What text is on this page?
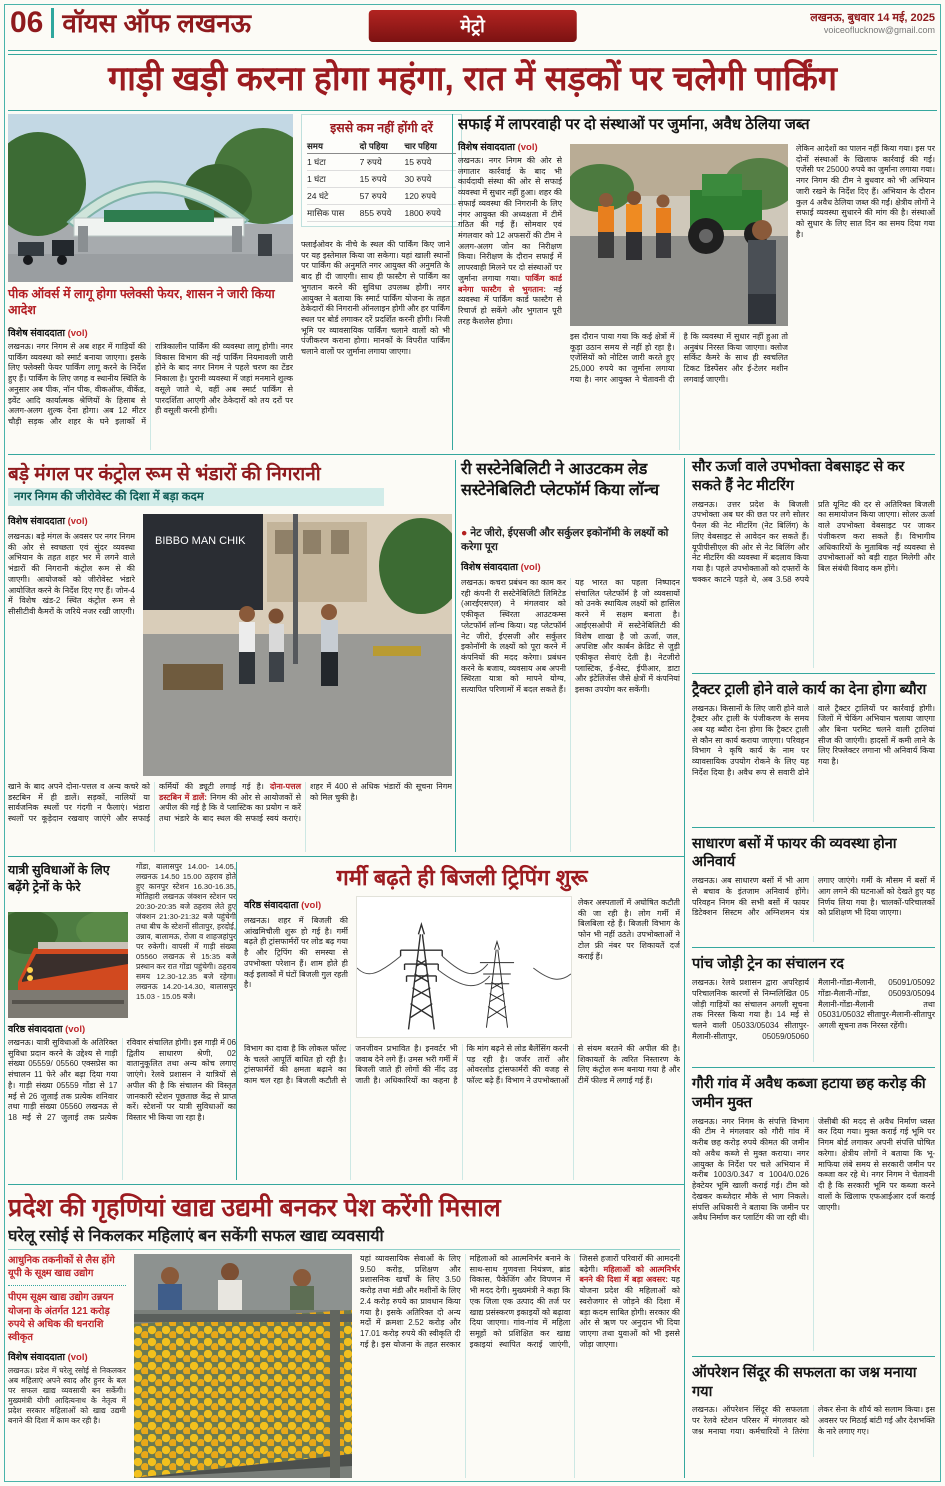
06 वॉयस ऑफ लखनऊ	मेट्रो	लखनऊ, बुधवार 14 मई, 2025
voiceoflucknow@gmail.com
गाड़ी खड़ी करना होगा महंगा, रात में सड़कों पर चलेगी पार्किंग
पीक ऑवर्स में लागू होगा फ्लेक्सी फेयर, शासन ने जारी किया आदेश
इससे कम नहीं होंगी दरें
समय	दो पहिया	चार पहिया
1 घंटा	7 रुपये	15 रुपये
1 घंटा	15 रुपये	30 रुपये
24 घंटे	57 रुपये	120 रुपये
मासिक पास	855 रुपये	1800 रुपये
फ्लाईओवर के नीचे के स्थल की पार्किंग किए जाने पर यह इस्तेमाल किया जा सकेगा। यहां खाली स्थानों पर पार्किंग की अनुमति नगर आयुक्त की अनुमति के बाद ही दी जाएगी। साथ ही फास्टैग से पार्किंग का भुगतान करने की सुविधा उपलब्ध होगी। नगर आयुक्त ने बताया कि स्मार्ट पार्किंग योजना के तहत ठेकेदारों की निगरानी ऑनलाइन होगी और हर पार्किंग स्थल पर बोर्ड लगाकर दरें प्रदर्शित करनी होंगी। निजी भूमि पर व्यावसायिक पार्किंग चलाने वालों को भी पंजीकरण कराना होगा। मानकों के विपरीत पार्किंग चलाने वालों पर जुर्माना लगाया जाएगा।
विशेष संवाददाता (vol)
लखनऊ। नगर निगम से अब शहर में गाड़ियों की पार्किंग व्यवस्था को स्मार्ट बनाया जाएगा। इसके लिए फ्लेक्सी फेयर पार्किंग लागू करने के निर्देश हुए हैं। पार्किंग के लिए जगह व स्थानीय स्थिति के अनुसार अब पीक, नॉन पीक, वीकऑफ, वीकेंड, इवेंट आदि कार्यात्मक श्रेणियों के हिसाब से अलग-अलग शुल्क देना होगा। अब 12 मीटर चौड़ी सड़क और शहर के घने इलाकों में रात्रिकालीन पार्किंग की व्यवस्था लागू होगी। नगर विकास विभाग की नई पार्किंग नियमावली जारी होने के बाद नगर निगम ने पहले चरण का टेंडर निकाला है। पुरानी व्यवस्था में जहां मनमाने शुल्क वसूले जाते थे, वहीं अब स्मार्ट पार्किंग से पारदर्शिता आएगी और ठेकेदारों को तय दरों पर ही वसूली करनी होगी।
सफाई में लापरवाही पर दो संस्थाओं पर जुर्माना, अवैध ठेलिया जब्त
विशेष संवाददाता (vol)
लखनऊ। नगर निगम की ओर से लगातार कार्रवाई के बाद भी कार्यदायी संस्था की ओर से सफाई व्यवस्था में सुधार नहीं हुआ। शहर की सफाई व्यवस्था की निगरानी के लिए नगर आयुक्त की अध्यक्षता में टीमें गठित की गई हैं। सोमवार एवं मंगलवार को 12 अफसरों की टीम ने अलग-अलग जोन का निरीक्षण किया। निरीक्षण के दौरान सफाई में लापरवाही मिलने पर दो संस्थाओं पर जुर्माना लगाया गया। पार्किंग कार्ड बनेगा फास्टैग से भुगतान: नई व्यवस्था में पार्किंग कार्ड फास्टैग से रिचार्ज हो सकेंगे और भुगतान पूरी तरह कैशलेस होगा।
इस दौरान पाया गया कि कई क्षेत्रों में कूड़ा उठान समय से नहीं हो रहा है। एजेंसियों को नोटिस जारी करते हुए 25,000 रुपये का जुर्माना लगाया गया है। नगर आयुक्त ने चेतावनी दी है कि व्यवस्था में सुधार नहीं हुआ तो अनुबंध निरस्त किया जाएगा। क्लोज सर्किट कैमरे के साथ ही स्वचलित टिकट डिस्पेंसर और ई-टेलर मशीन लगवाई जाएगी।
लेकिन आदेशों का पालन नहीं किया गया। इस पर दोनों संस्थाओं के खिलाफ कार्रवाई की गई। एजेंसी पर 25000 रुपये का जुर्माना लगाया गया। नगर निगम की टीम ने बुधवार को भी अभियान जारी रखने के निर्देश दिए हैं। अभियान के दौरान कुल 4 अवैध ठेलिया जब्त की गईं। क्षेत्रीय लोगों ने सफाई व्यवस्था सुधारने की मांग की है। संस्थाओं को सुधार के लिए सात दिन का समय दिया गया है।
बड़े मंगल पर कंट्रोल रूम से भंडारों की निगरानी
नगर निगम की जीरोवेस्ट की दिशा में बड़ा कदम
विशेष संवाददाता (vol)
लखनऊ। बड़े मंगल के अवसर पर नगर निगम की ओर से स्वच्छता एवं सुंदर व्यवस्था अभियान के तहत शहर भर में लगने वाले भंडारों की निगरानी कंट्रोल रूम से की जाएगी। आयोजकों को जीरोवेस्ट भंडारे आयोजित करने के निर्देश दिए गए हैं। जोन-4 में विशेष खंड-2 स्थित कंट्रोल रूम से सीसीटीवी कैमरों के जरिये नजर रखी जाएगी।
BIBBO MAN CHIK
खाने के बाद अपने दोना-पत्तल व अन्य कचरे को डस्टबिन में ही डालें। सड़कों, नालियों या सार्वजनिक स्थलों पर गंदगी न फैलाएं। भंडारा स्थलों पर कूड़ेदान रखवाए जाएंगे और सफाई कर्मियों की ड्यूटी लगाई गई है। दोना-पत्तल डस्टबिन में डालें: निगम की ओर से आयोजकों से अपील की गई है कि वे प्लास्टिक का प्रयोग न करें तथा भंडारे के बाद स्थल की सफाई स्वयं कराएं। शहर में 400 से अधिक भंडारों की सूचना निगम को मिल चुकी है।
री सस्टेनेबिलिटी ने आउटकम लेड सस्टेनेबिलिटी प्लेटफॉर्म किया लॉन्च
● नेट जीरो, ईएसजी और सर्कुलर इकोनॉमी के लक्ष्यों को करेगा पूरा
विशेष संवाददाता (vol)
लखनऊ। कचरा प्रबंधन का काम कर रही कंपनी री सस्टेनेबिलिटी लिमिटेड (आरईएसएल) ने मंगलवार को एकीकृत स्थिरता आउटकम्स प्लेटफॉर्म लॉन्च किया। यह प्लेटफॉर्म नेट जीरो, ईएसजी और सर्कुलर इकोनॉमी के लक्ष्यों को पूरा करने में कंपनियों की मदद करेगा। प्रबंधन करने के बजाय, व्यवसाय अब अपनी स्थिरता यात्रा को मापने योग्य, सत्यापित परिणामों में बदल सकते हैं। यह भारत का पहला निष्पादन संचालित प्लेटफॉर्म है जो व्यवसायों को उनके स्थायित्व लक्ष्यों को हासिल करने में सक्षम बनाता है। आईएसओपी में सस्टेनेबिलिटी की विशेष शाखा है जो ऊर्जा, जल, अपशिष्ट और कार्बन क्रेडिट से जुड़ी एकीकृत सेवाएं देती है। नेटजीरो प्लास्टिक, ई-वेस्ट, ईपीआर, डाटा और इंटेलिजेंस जैसे क्षेत्रों में कंपनियां इसका उपयोग कर सकेंगी।
सौर ऊर्जा वाले उपभोक्ता वेबसाइट से कर सकते हैं नेट मीटरिंग
लखनऊ। उत्तर प्रदेश के बिजली उपभोक्ता अब घर की छत पर लगे सोलर पैनल की नेट मीटरिंग (नेट बिलिंग) के लिए वेबसाइट से आवेदन कर सकते हैं। यूपीपीसीएल की ओर से नेट बिलिंग और नेट मीटरिंग की व्यवस्था में बदलाव किया गया है। पहले उपभोक्ताओं को दफ्तरों के चक्कर काटने पड़ते थे, अब 3.58 रुपये प्रति यूनिट की दर से अतिरिक्त बिजली का समायोजन किया जाएगा। सोलर ऊर्जा वाले उपभोक्ता वेबसाइट पर जाकर पंजीकरण करा सकते हैं। विभागीय अधिकारियों के मुताबिक नई व्यवस्था से उपभोक्ताओं को बड़ी राहत मिलेगी और बिल संबंधी विवाद कम होंगे।
ट्रैक्टर ट्राली होने वाले कार्य का देना होगा ब्यौरा
लखनऊ। किसानों के लिए जारी होने वाले ट्रैक्टर और ट्राली के पंजीकरण के समय अब यह ब्यौरा देना होगा कि ट्रैक्टर ट्राली से कौन सा कार्य कराया जाएगा। परिवहन विभाग ने कृषि कार्य के नाम पर व्यावसायिक उपयोग रोकने के लिए यह निर्देश दिया है। अवैध रूप से सवारी ढोने वाले ट्रैक्टर ट्रालियों पर कार्रवाई होगी। जिलों में चेकिंग अभियान चलाया जाएगा और बिना परमिट चलने वाली ट्रालियां सीज की जाएंगी। हादसों में कमी लाने के लिए रिफ्लेक्टर लगाना भी अनिवार्य किया गया है।
साधारण बसों में फायर की व्यवस्था होना अनिवार्य
लखनऊ। अब साधारण बसों में भी आग से बचाव के इंतजाम अनिवार्य होंगे। परिवहन निगम की सभी बसों में फायर डिटेक्शन सिस्टम और अग्निशमन यंत्र लगाए जाएंगे। गर्मी के मौसम में बसों में आग लगने की घटनाओं को देखते हुए यह निर्णय लिया गया है। चालकों-परिचालकों को प्रशिक्षण भी दिया जाएगा।
पांच जोड़ी ट्रेन का संचालन रद
लखनऊ। रेलवे प्रशासन द्वारा अपरिहार्य परिचालनिक कारणों से निम्नलिखित 05 जोड़ी गाड़ियों का संचालन अगली सूचना तक निरस्त किया गया है। 14 मई से चलने वाली 05033/05034 सीतापुर-मैलानी-सीतापुर, 05059/05060 मैलानी-गोंडा-मैलानी, 05091/05092 गोंडा-मैलानी-गोंडा, 05093/05094 मैलानी-गोंडा-मैलानी तथा 05031/05032 सीतापुर-मैलानी-सीतापुर अगली सूचना तक निरस्त रहेंगी।
गौरी गांव में अवैध कब्जा हटाया छह करोड़ की जमीन मुक्त
लखनऊ। नगर निगम के संपत्ति विभाग की टीम ने मंगलवार को गौरी गांव में करीब छह करोड़ रुपये कीमत की जमीन को अवैध कब्जे से मुक्त कराया। नगर आयुक्त के निर्देश पर चले अभियान में करीब 1003/0.347 व 1004/0.026 हेक्टेयर भूमि खाली कराई गई। टीम को देखकर कब्जेदार मौके से भाग निकले। संपत्ति अधिकारी ने बताया कि जमीन पर अवैध निर्माण कर प्लाटिंग की जा रही थी। जेसीबी की मदद से अवैध निर्माण ध्वस्त कर दिया गया। मुक्त कराई गई भूमि पर निगम बोर्ड लगाकर अपनी संपत्ति घोषित करेगा। क्षेत्रीय लोगों ने बताया कि भू-माफिया लंबे समय से सरकारी जमीन पर कब्जा कर रहे थे। नगर निगम ने चेतावनी दी है कि सरकारी भूमि पर कब्जा करने वालों के खिलाफ एफआईआर दर्ज कराई जाएगी।
ऑपरेशन सिंदूर की सफलता का जश्न मनाया गया
लखनऊ। ऑपरेशन सिंदूर की सफलता पर रेलवे स्टेशन परिसर में मंगलवार को जश्न मनाया गया। कर्मचारियों ने तिरंगा लेकर सेना के शौर्य को सलाम किया। इस अवसर पर मिठाई बांटी गई और देशभक्ति के नारे लगाए गए।
यात्री सुविधाओं के लिए बढ़ेंगे ट्रेनों के फेरे
गोंडा, बालासपुर 14.00- 14.05, लखनऊ 14.50 15.00 ठहराव होते हुए कानपुर स्टेशन 16.30-16.35, मोतिहारी लखनऊ जंक्शन स्टेशन पर 20:30-20:35 बजे ठहराव लेते हुए जंक्शन 21:30-21:32 बजे पहुंचेगी तथा बीच के स्टेशनों सीतापुर, हरदोई, उन्नाव, बालामऊ, रोजा व शाहजहांपुर पर रुकेगी। वापसी में गाड़ी संख्या 05560 लखनऊ से 15:35 बजे प्रस्थान कर रात गोंडा पहुंचेगी। ठहराव समय 12.30-12.35 बजे रहेगा। लखनऊ 14.20-14.30, बालासपुर 15.03 - 15.05 बजे।
वरिष्ठ संवाददाता (vol)
लखनऊ। यात्री सुविधाओं के अतिरिक्त सुविधा प्रदान करने के उद्देश्य से गाड़ी संख्या 05559/ 05560 एक्सप्रेस का संचालन 11 फेरे और बढ़ा दिया गया है। गाड़ी संख्या 05559 गोंडा से 17 मई से 26 जुलाई तक प्रत्येक शनिवार तथा गाड़ी संख्या 05560 लखनऊ से 18 मई से 27 जुलाई तक प्रत्येक रविवार संचालित होगी। इस गाड़ी में 06 द्वितीय साधारण श्रेणी, 02 वातानुकूलित तथा अन्य कोच लगाए जाएंगे। रेलवे प्रशासन ने यात्रियों से अपील की है कि संचालन की विस्तृत जानकारी स्टेशन पूछताछ केंद्र से प्राप्त करें। स्टेशनों पर यात्री सुविधाओं का विस्तार भी किया जा रहा है।
गर्मी बढ़ते ही बिजली ट्रिपिंग शुरू
वरिष्ठ संवाददाता (vol)
लखनऊ। शहर में बिजली की आंखमिचौली शुरू हो गई है। गर्मी बढ़ते ही ट्रांसफार्मरों पर लोड बढ़ गया है और ट्रिपिंग की समस्या से उपभोक्ता परेशान हैं। शाम होते ही कई इलाकों में घंटों बिजली गुल रहती है।
लेकर अस्पतालों में अघोषित कटौती की जा रही है। लोग गर्मी में बिलबिला रहे हैं। बिजली विभाग के फोन भी नहीं उठते। उपभोक्ताओं ने टोल फ्री नंबर पर शिकायतें दर्ज कराई हैं।
विभाग का दावा है कि लोकल फॉल्ट के चलते आपूर्ति बाधित हो रही है। ट्रांसफार्मरों की क्षमता बढ़ाने का काम चल रहा है। बिजली कटौती से जनजीवन प्रभावित है। इनवर्टर भी जवाब देने लगे हैं। उमस भरी गर्मी में बिजली जाते ही लोगों की नींद उड़ जाती है। अधिकारियों का कहना है कि मांग बढ़ने से लोड बैलेंसिंग करनी पड़ रही है। जर्जर तारों और ओवरलोड ट्रांसफार्मरों की वजह से फॉल्ट बढ़े हैं। विभाग ने उपभोक्ताओं से संयम बरतने की अपील की है। शिकायतों के त्वरित निस्तारण के लिए कंट्रोल रूम बनाया गया है और टीमें फील्ड में लगाई गई हैं।
प्रदेश की गृहणियां खाद्य उद्यमी बनकर पेश करेंगी मिसाल
घरेलू रसोई से निकलकर महिलाएं बन सकेंगी सफल खाद्य व्यवसायी
आधुनिक तकनीकों से लैस होंगे यूपी के सूक्ष्म खाद्य उद्योग
पीएम सूक्ष्म खाद्य उद्योग उन्नयन योजना के अंतर्गत 121 करोड़ रुपये से अधिक की धनराशि स्वीकृत
विशेष संवाददाता (vol)
लखनऊ। प्रदेश में घरेलू रसोई से निकलकर अब महिलाएं अपने स्वाद और हुनर के बल पर सफल खाद्य व्यवसायी बन सकेंगी। मुख्यमंत्री योगी आदित्यनाथ के नेतृत्व में प्रदेश सरकार महिलाओं को खाद्य उद्यमी बनाने की दिशा में काम कर रही है।
यहां व्यावसायिक सेवाओं के लिए 9.50 करोड़, प्रशिक्षण और प्रशासनिक खर्चों के लिए 3.50 करोड़ तथा मंडी और मशीनों के लिए 2.4 करोड़ रुपये का प्रावधान किया गया है। इसके अतिरिक्त दो अन्य मदों में क्रमशः 2.52 करोड़ और 17.01 करोड़ रुपये की स्वीकृति दी गई है। इस योजना के तहत सरकार महिलाओं को आत्मनिर्भर बनाने के साथ-साथ गुणवत्ता नियंत्रण, ब्रांड विकास, पैकेजिंग और विपणन में भी मदद देगी। मुख्यमंत्री ने कहा कि एक जिला एक उत्पाद की तर्ज पर खाद्य प्रसंस्करण इकाइयों को बढ़ावा दिया जाएगा। गांव-गांव में महिला समूहों को प्रशिक्षित कर खाद्य इकाइयां स्थापित कराई जाएंगी, जिससे हजारों परिवारों की आमदनी बढ़ेगी। महिलाओं को आत्मनिर्भर बनने की दिशा में बड़ा अवसर: यह योजना प्रदेश की महिलाओं को स्वरोजगार से जोड़ने की दिशा में बड़ा कदम साबित होगी। सरकार की ओर से ऋण पर अनुदान भी दिया जाएगा तथा युवाओं को भी इससे जोड़ा जाएगा।
